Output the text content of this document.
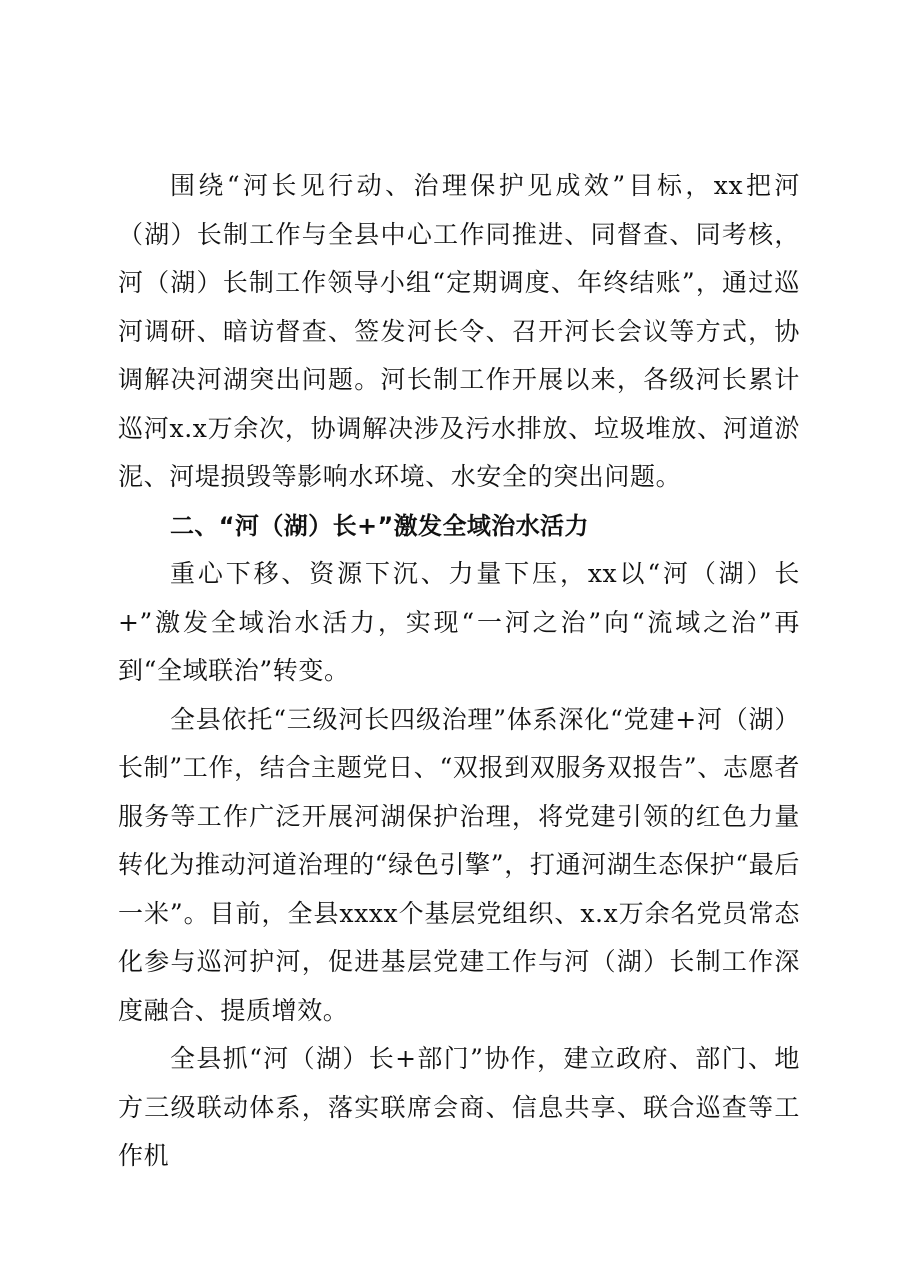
围绕“河长见行动、治理保护见成效”目标，xx把河（湖）长制工作与全县中心工作同推进、同督查、同考核，河（湖）长制工作领导小组“定期调度、年终结账”，通过巡河调研、暗访督查、签发河长令、召开河长会议等方式，协调解决河湖突出问题。河长制工作开展以来，各级河长累计巡河x.x万余次，协调解决涉及污水排放、垃圾堆放、河道淤泥、河堤损毁等影响水环境、水安全的突出问题。

二、“河（湖）长+”激发全域治水活力

重心下移、资源下沉、力量下压，xx以“河（湖）长+”激发全域治水活力，实现“一河之治”向“流域之治”再到“全域联治”转变。

全县依托“三级河长四级治理”体系深化“党建+河（湖）长制”工作，结合主题党日、“双报到双服务双报告”、志愿者服务等工作广泛开展河湖保护治理，将党建引领的红色力量转化为推动河道治理的“绿色引擎”，打通河湖生态保护“最后一米”。目前，全县xxxx个基层党组织、x.x万余名党员常态化参与巡河护河，促进基层党建工作与河（湖）长制工作深度融合、提质增效。

全县抓“河（湖）长+部门”协作，建立政府、部门、地方三级联动体系，落实联席会商、信息共享、联合巡查等工作机
